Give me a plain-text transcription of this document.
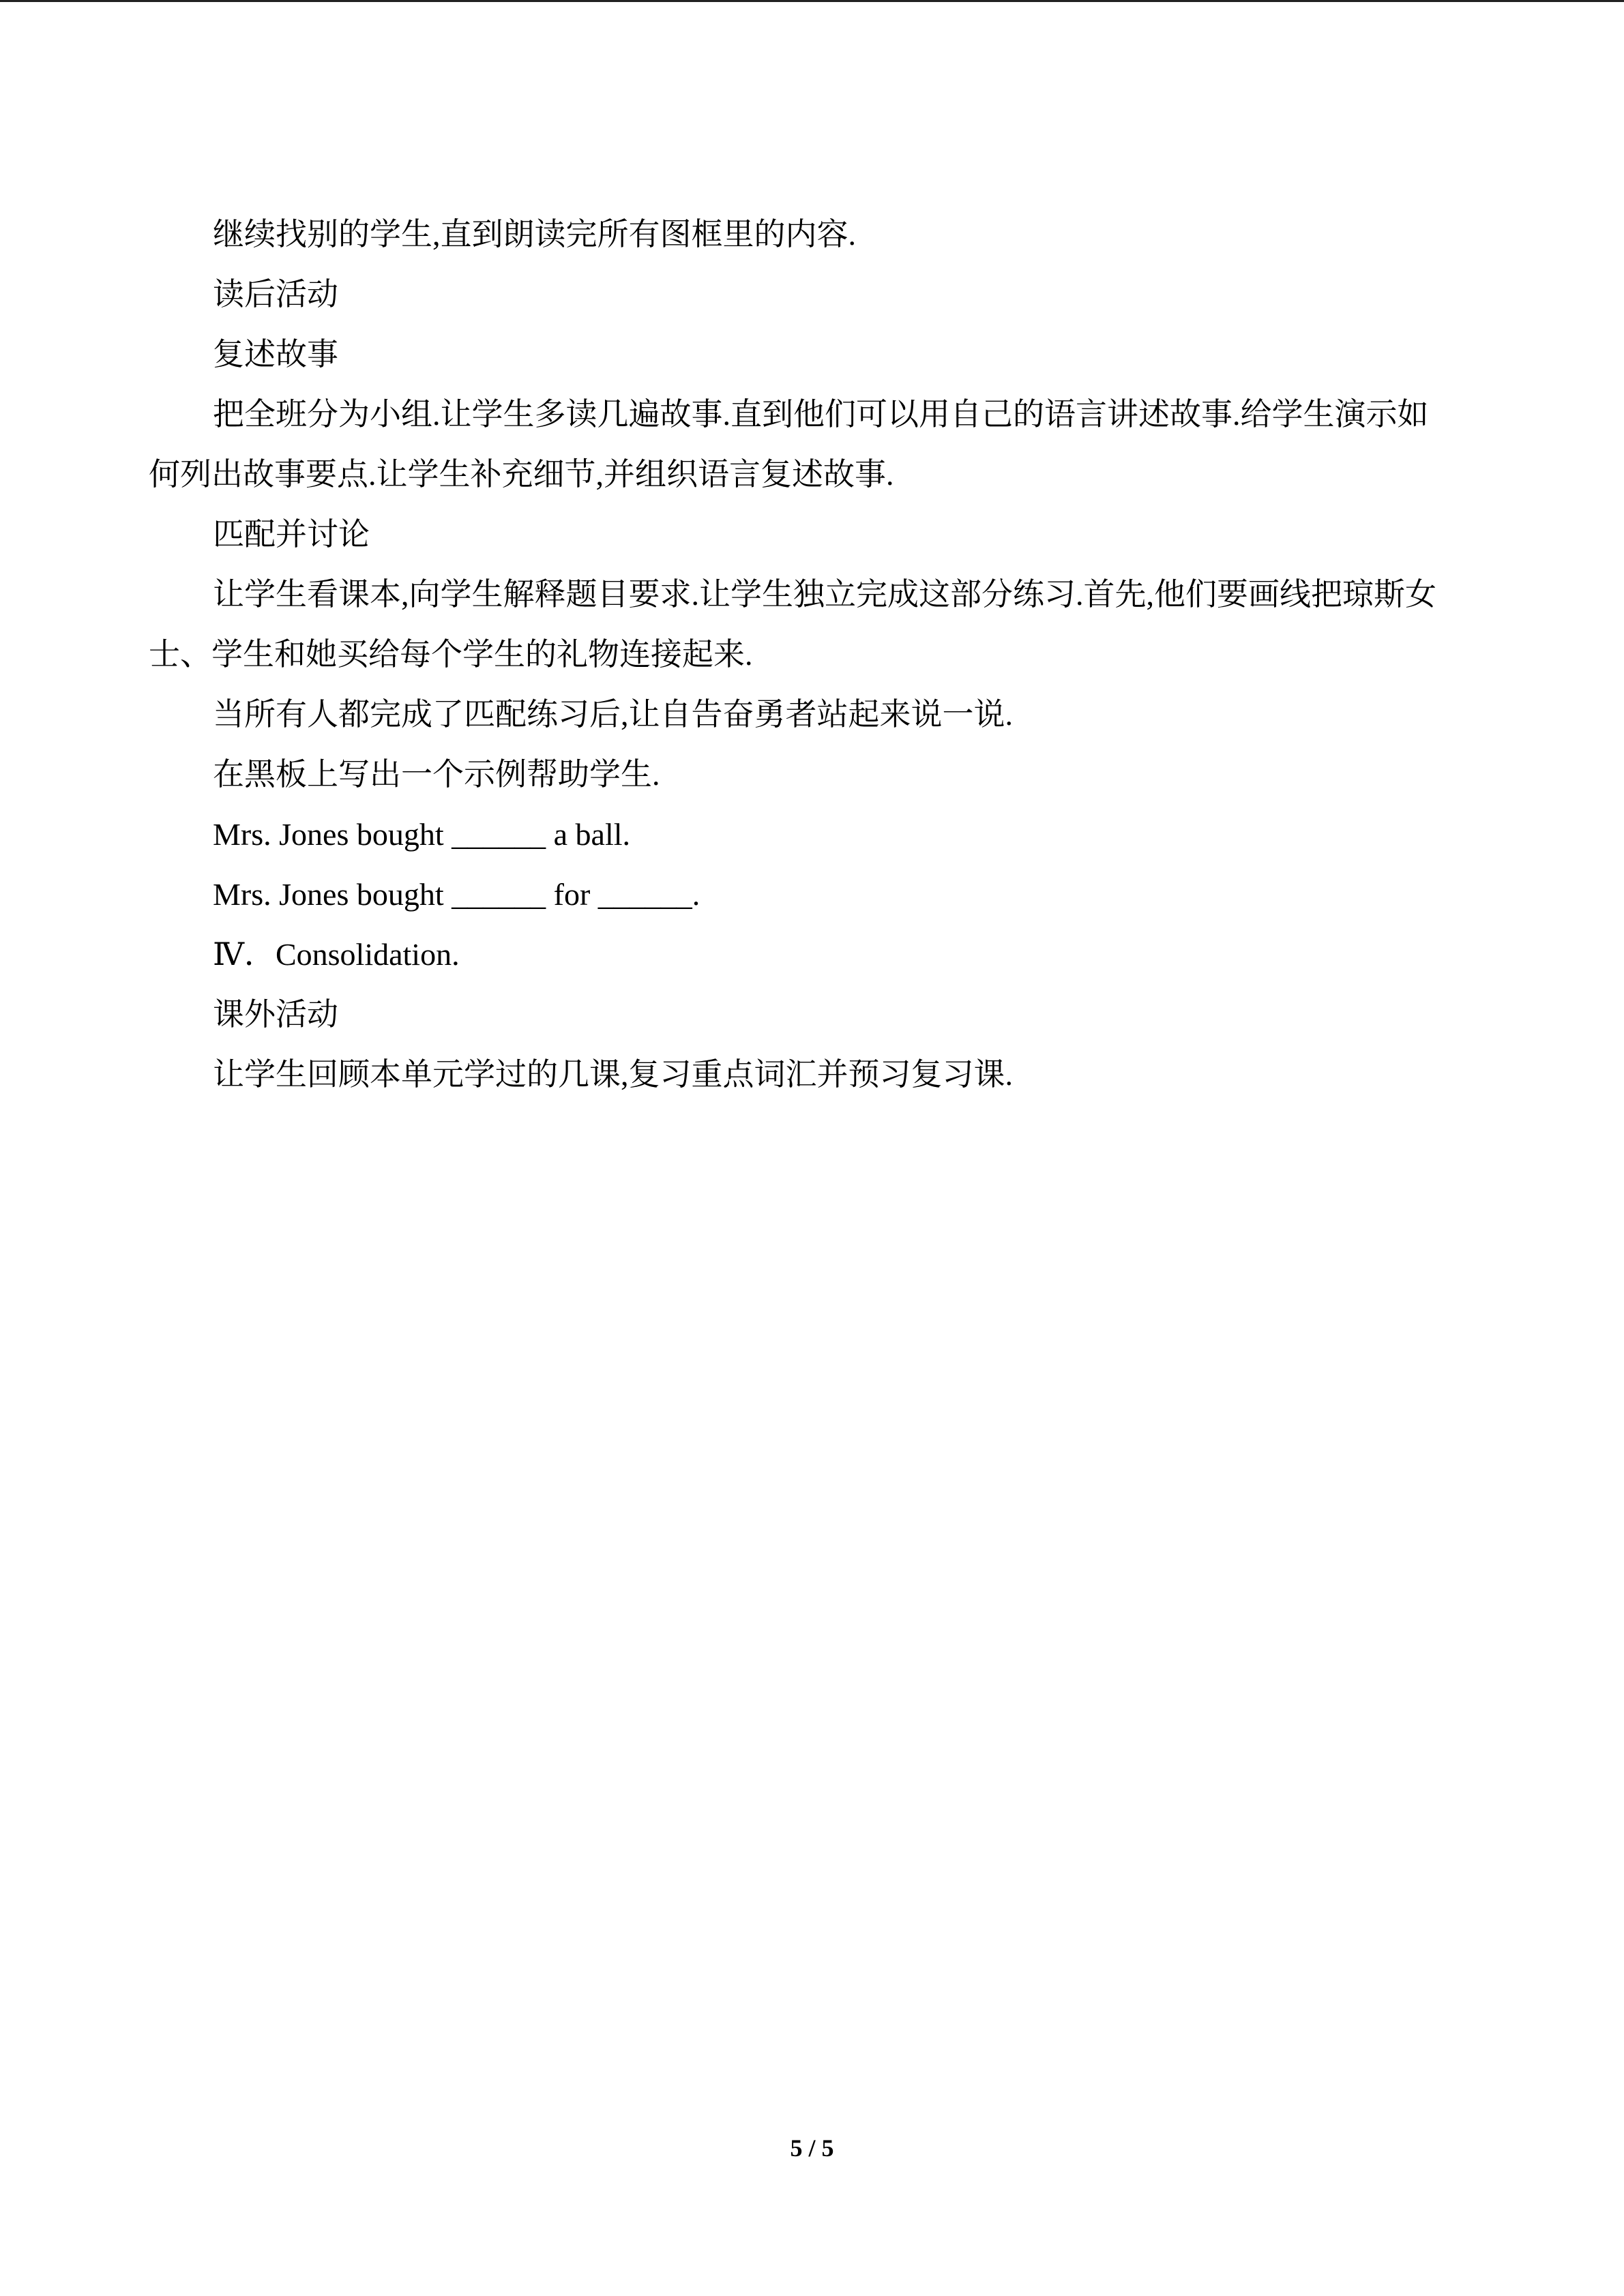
继续找别的学生,直到朗读完所有图框里的内容.

读后活动

复述故事

把全班分为小组.让学生多读几遍故事.直到他们可以用自己的语言讲述故事.给学生演示如何列出故事要点.让学生补充细节,并组织语言复述故事.

匹配并讨论

让学生看课本,向学生解释题目要求.让学生独立完成这部分练习.首先,他们要画线把琼斯女士、学生和她买给每个学生的礼物连接起来.

当所有人都完成了匹配练习后,让自告奋勇者站起来说一说.

在黑板上写出一个示例帮助学生.

Mrs. Jones bought ______ a ball.

Mrs. Jones bought ______ for ______.

Ⅳ．Consolidation.

课外活动

让学生回顾本单元学过的几课,复习重点词汇并预习复习课.

5 / 5
